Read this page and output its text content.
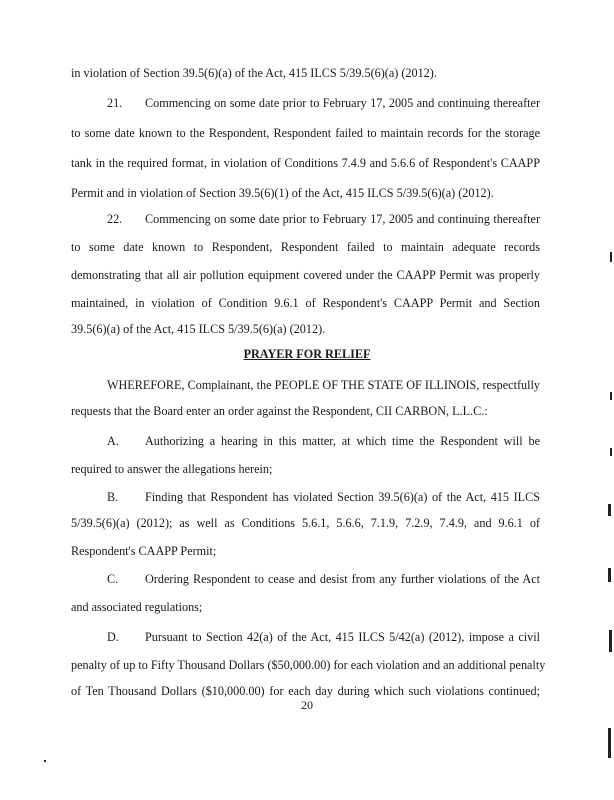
in violation of Section 39.5(6)(a) of the Act, 415 ILCS 5/39.5(6)(a) (2012).
21. Commencing on some date prior to February 17, 2005 and continuing thereafter
to some date known to the Respondent, Respondent failed to maintain records for the storage
tank in the required format, in violation of Conditions 7.4.9 and 5.6.6 of Respondent's CAAPP
Permit and in violation of Section 39.5(6)(1) of the Act, 415 ILCS 5/39.5(6)(a) (2012).
22. Commencing on some date prior to February 17, 2005 and continuing thereafter
to some date known to Respondent, Respondent failed to maintain adequate records
demonstrating that all air pollution equipment covered under the CAAPP Permit was properly
maintained, in violation of Condition 9.6.1 of Respondent's CAAPP Permit and Section
39.5(6)(a) of the Act, 415 ILCS 5/39.5(6)(a) (2012).
PRAYER FOR RELIEF
WHEREFORE, Complainant, the PEOPLE OF THE STATE OF ILLINOIS, respectfully
requests that the Board enter an order against the Respondent, CII CARBON, L.L.C.:
A. Authorizing a hearing in this matter, at which time the Respondent will be
required to answer the allegations herein;
B. Finding that Respondent has violated Section 39.5(6)(a) of the Act, 415 ILCS
5/39.5(6)(a) (2012); as well as Conditions 5.6.1, 5.6.6, 7.1.9, 7.2.9, 7.4.9, and 9.6.1 of
Respondent's CAAPP Permit;
C. Ordering Respondent to cease and desist from any further violations of the Act
and associated regulations;
D. Pursuant to Section 42(a) of the Act, 415 ILCS 5/42(a) (2012), impose a civil
penalty of up to Fifty Thousand Dollars ($50,000.00) for each violation and an additional penalty
of Ten Thousand Dollars ($10,000.00) for each day during which such violations continued;
20
